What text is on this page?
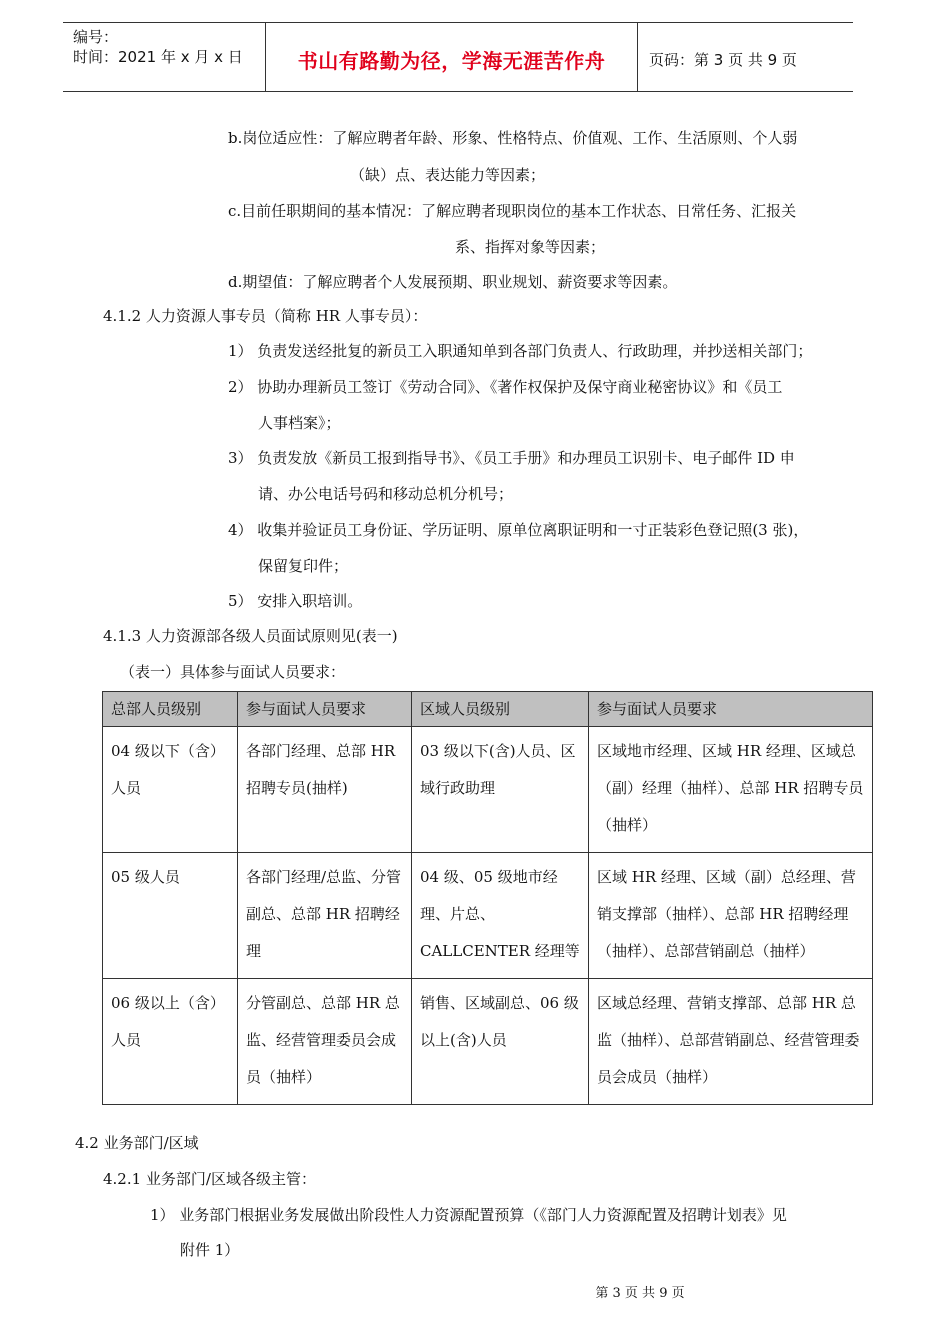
编号：
时间：2021 年 x 月 x 日	书山有路勤为径，学海无涯苦作舟	页码：第 3 页 共 9 页
b.岗位适应性：了解应聘者年龄、形象、性格特点、价值观、工作、生活原则、个人弱
（缺）点、表达能力等因素；
c.目前任职期间的基本情况：了解应聘者现职岗位的基本工作状态、日常任务、汇报关
系、指挥对象等因素；
d.期望值：了解应聘者个人发展预期、职业规划、薪资要求等因素。
4.1.2 人力资源人事专员（简称 HR 人事专员）：
1） 负责发送经批复的新员工入职通知单到各部门负责人、行政助理，并抄送相关部门；
2） 协助办理新员工签订《劳动合同》、《著作权保护及保守商业秘密协议》和《员工
人事档案》；
3） 负责发放《新员工报到指导书》、《员工手册》和办理员工识别卡、电子邮件 ID 申
请、办公电话号码和移动总机分机号；
4） 收集并验证员工身份证、学历证明、原单位离职证明和一寸正装彩色登记照(3 张)，
保留复印件；
5） 安排入职培训。
4.1.3 人力资源部各级人员面试原则见(表一)
（表一）具体参与面试人员要求：
总部人员级别	参与面试人员要求	区域人员级别	参与面试人员要求
04 级以下（含）人员	各部门经理、总部 HR 招聘专员(抽样)	03 级以下(含)人员、区域行政助理	区域地市经理、区域 HR 经理、区域总（副）经理（抽样）、总部 HR 招聘专员（抽样）
05 级人员	各部门经理/总监、分管副总、总部 HR 招聘经理	04 级、05 级地市经理、片总、CALLCENTER 经理等	区域 HR 经理、区域（副）总经理、营销支撑部（抽样）、总部 HR 招聘经理（抽样）、总部营销副总（抽样）
06 级以上（含）人员	分管副总、总部 HR 总监、经营管理委员会成员（抽样）	销售、区域副总、06 级以上(含)人员	区域总经理、营销支撑部、总部 HR 总监（抽样）、总部营销副总、经营管理委员会成员（抽样）
4.2 业务部门/区域
4.2.1 业务部门/区域各级主管：
1） 业务部门根据业务发展做出阶段性人力资源配置预算（《部门人力资源配置及招聘计划表》见
附件 1）
第 3 页 共 9 页
